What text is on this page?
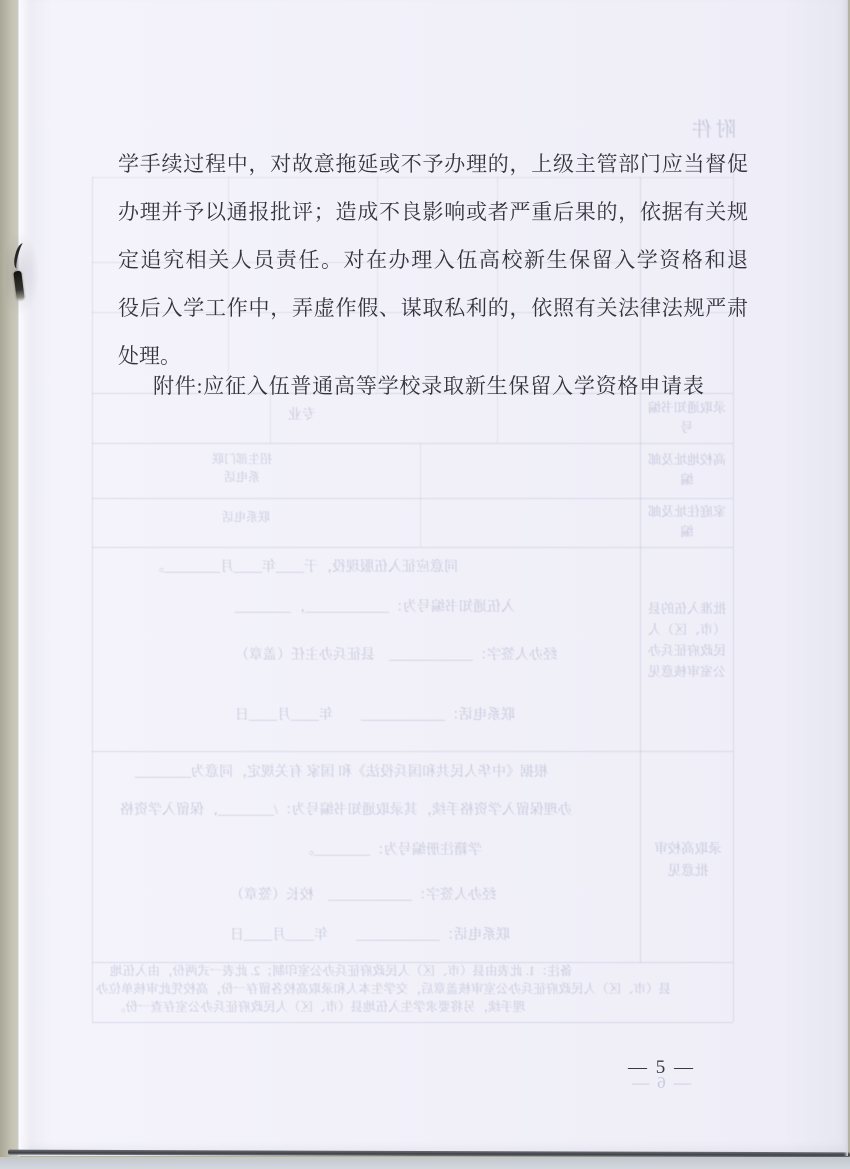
附件
专业
录取通知书编号
招生部门联系电话
高校地址及邮编
联系电话	家庭住址及邮编
批准入伍的县（市、区）人民政府征兵办公室审核意见
同意应征入伍服现役，于____年____月________。
入伍通知书编号为：____________，________
经办人签字：____________　县征兵办主任（盖章）
联系电话：____________　　年____月____日
录取高校审批意见
根据《中华人民共和国兵役法》和 国家 有关规定，同意为________
办理保留入学资格手续，其录取通知书编号为：/________，保留入学资格
学籍注册编号为：________。
经办人签字：____________　校长（签章）
联系电话：____________　　年____月____日
备注：1. 此表由县（市、区）人民政府征兵办公室印制；2. 此表一式两份，由入伍地
县（市、区）人民政府征兵办公室审核盖章后，交学生本人和录取高校各留存一份，高校凭此审核单位办
理手续，另将要求学生入伍地县（市、区）人民政府征兵办公室存查一份。
学手续过程中，对故意拖延或不予办理的，上级主管部门应当督促
办理并予以通报批评；造成不良影响或者严重后果的，依据有关规
定追究相关人员责任。对在办理入伍高校新生保留入学资格和退
役后入学工作中，弄虚作假、谋取私利的，依照有关法律法规严肃
处理。
附件:应征入伍普通高等学校录取新生保留入学资格申请表
— 5 —
— 6 —
